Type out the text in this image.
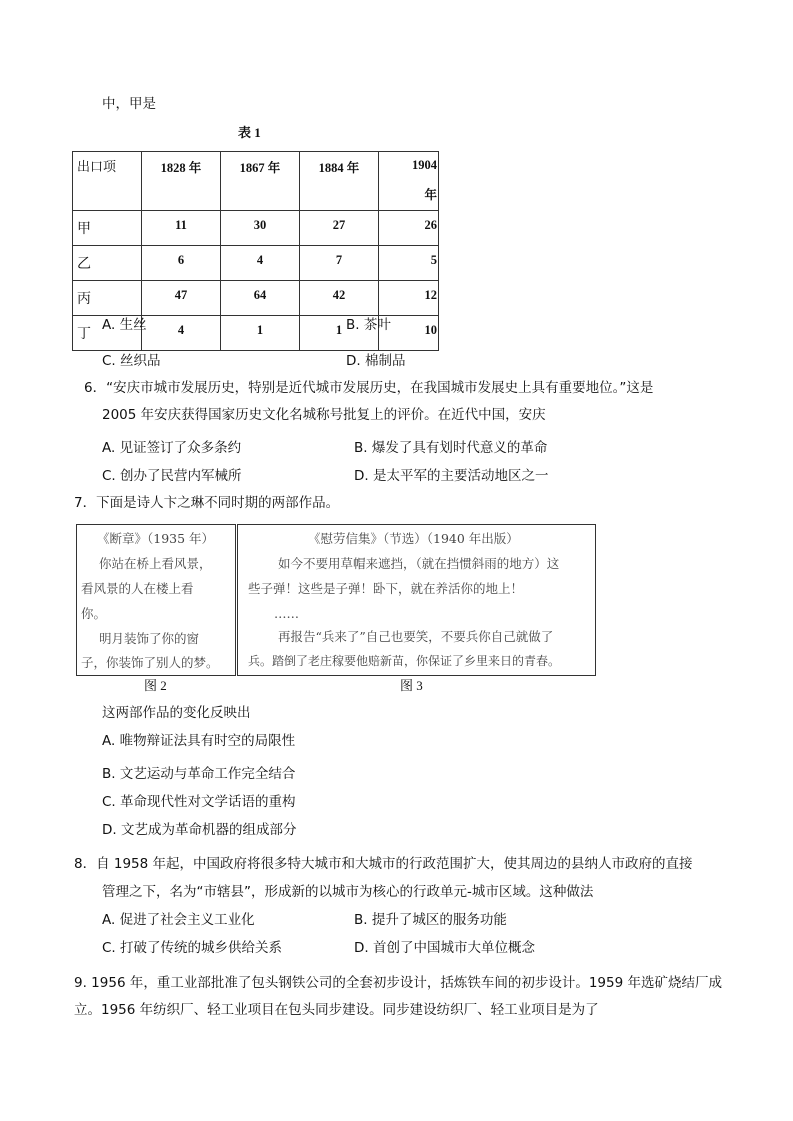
中，甲是
表 1
出口项	1828 年	1867 年	1884 年	1904
年

甲	11	30	27	26
乙	6	4	7	5
丙	47	64	42	12
丁	4	1	1	10
A. 生丝	B. 茶叶
C. 丝织品	D. 棉制品
6．“安庆市城市发展历史，特别是近代城市发展历史，在我国城市发展史上具有重要地位。”这是
2005 年安庆获得国家历史文化名城称号批复上的评价。在近代中国，安庆
A. 见证签订了众多条约	B. 爆发了具有划时代意义的革命
C. 创办了民营内军械所	D. 是太平军的主要活动地区之一
7．下面是诗人卞之琳不同时期的两部作品。
《断章》（1935 年）
你站在桥上看风景，
看风景的人在楼上看
你。
明月装饰了你的窗
子，你装饰了别人的梦。
《慰劳信集》（节选）（1940 年出版）
如今不要用草帽来遮挡，（就在挡惯斜雨的地方）这
些子弹！这些是子弹！卧下，就在养活你的地上！
……
再报告“兵来了”自己也要笑，不要兵你自己就做了
兵。踏倒了老庄稼要他赔新苗，你保证了乡里来日的青春。
图 2	图 3
这两部作品的变化反映出
A. 唯物辩证法具有时空的局限性
B. 文艺运动与革命工作完全结合
C. 革命现代性对文学话语的重构
D. 文艺成为革命机器的组成部分
8．自 1958 年起，中国政府将很多特大城市和大城市的行政范围扩大，使其周边的县纳人市政府的直接
管理之下，名为“市辖县”，形成新的以城市为核心的行政单元-城市区域。这种做法
A. 促进了社会主义工业化	B. 提升了城区的服务功能
C. 打破了传统的城乡供给关系	D. 首创了中国城市大单位概念
9. 1956 年，重工业部批准了包头钢铁公司的全套初步设计，括炼铁车间的初步设计。1959 年选矿烧结厂成
立。1956 年纺织厂、轻工业项目在包头同步建设。同步建设纺织厂、轻工业项目是为了
